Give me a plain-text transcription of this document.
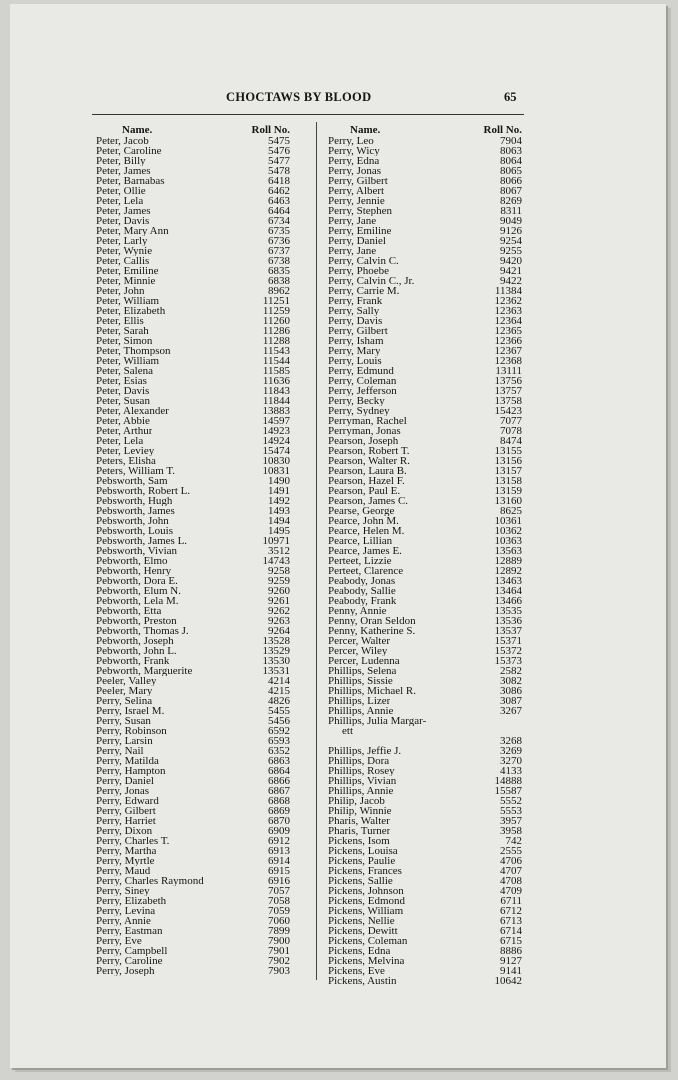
CHOCTAWS BY BLOOD	65
Name.	Roll No.
Peter, Jacob	5475
Peter, Caroline	5476
Peter, Billy	5477
Peter, James	5478
Peter, Barnabas	6418
Peter, Ollie	6462
Peter, Lela	6463
Peter, James	6464
Peter, Davis	6734
Peter, Mary Ann	6735
Peter, Larly	6736
Peter, Wynie	6737
Peter, Callis	6738
Peter, Emiline	6835
Peter, Minnie	6838
Peter, John	8962
Peter, William	11251
Peter, Elizabeth	11259
Peter, Ellis	11260
Peter, Sarah	11286
Peter, Simon	11288
Peter, Thompson	11543
Peter, William	11544
Peter, Salena	11585
Peter, Esias	11636
Peter, Davis	11843
Peter, Susan	11844
Peter, Alexander	13883
Peter, Abbie	14597
Peter, Arthur	14923
Peter, Lela	14924
Peter, Leviey	15474
Peters, Elisha	10830
Peters, William T.	10831
Pebsworth, Sam	1490
Pebsworth, Robert L.	1491
Pebsworth, Hugh	1492
Pebsworth, James	1493
Pebsworth, John	1494
Pebsworth, Louis	1495
Pebsworth, James L.	10971
Pebsworth, Vivian	3512
Pebworth, Elmo	14743
Pebworth, Henry	9258
Pebworth, Dora E.	9259
Pebworth, Elum N.	9260
Pebworth, Lela M.	9261
Pebworth, Etta	9262
Pebworth, Preston	9263
Pebworth, Thomas J.	9264
Pebworth, Joseph	13528
Pebworth, John L.	13529
Pebworth, Frank	13530
Pebworth, Marguerite	13531
Peeler, Valley	4214
Peeler, Mary	4215
Perry, Selina	4826
Perry, Israel M.	5455
Perry, Susan	5456
Perry, Robinson	6592
Perry, Larsin	6593
Perry, Nail	6352
Perry, Matilda	6863
Perry, Hampton	6864
Perry, Daniel	6866
Perry, Jonas	6867
Perry, Edward	6868
Perry, Gilbert	6869
Perry, Harriet	6870
Perry, Dixon	6909
Perry, Charles T.	6912
Perry, Martha	6913
Perry, Myrtle	6914
Perry, Maud	6915
Perry, Charles Raymond	6916
Perry, Siney	7057
Perry, Elizabeth	7058
Perry, Levina	7059
Perry, Annie	7060
Perry, Eastman	7899
Perry, Eve	7900
Perry, Campbell	7901
Perry, Caroline	7902
Perry, Joseph	7903
Name.	Roll No.
Perry, Leo	7904
Perry, Wicy	8063
Perry, Edna	8064
Perry, Jonas	8065
Perry, Gilbert	8066
Perry, Albert	8067
Perry, Jennie	8269
Perry, Stephen	8311
Perry, Jane	9049
Perry, Emiline	9126
Perry, Daniel	9254
Perry, Jane	9255
Perry, Calvin C.	9420
Perry, Phoebe	9421
Perry, Calvin C., Jr.	9422
Perry, Carrie M.	11384
Perry, Frank	12362
Perry, Sally	12363
Perry, Davis	12364
Perry, Gilbert	12365
Perry, Isham	12366
Perry, Mary	12367
Perry, Louis	12368
Perry, Edmund	13111
Perry, Coleman	13756
Perry, Jefferson	13757
Perry, Becky	13758
Perry, Sydney	15423
Perryman, Rachel	7077
Perryman, Jonas	7078
Pearson, Joseph	8474
Pearson, Robert T.	13155
Pearson, Walter R.	13156
Pearson, Laura B.	13157
Pearson, Hazel F.	13158
Pearson, Paul E.	13159
Pearson, James C.	13160
Pearse, George	8625
Pearce, John M.	10361
Pearce, Helen M.	10362
Pearce, Lillian	10363
Pearce, James E.	13563
Perteet, Lizzie	12889
Perteet, Clarence	12892
Peabody, Jonas	13463
Peabody, Sallie	13464
Peabody, Frank	13466
Penny, Annie	13535
Penny, Oran Seldon	13536
Penny, Katherine S.	13537
Percer, Walter	15371
Percer, Wiley	15372
Percer, Ludenna	15373
Phillips, Selena	2582
Phillips, Sissie	3082
Phillips, Michael R.	3086
Phillips, Lizer	3087
Phillips, Annie	3267
Phillips, Julia Margar-
ett
3268
Phillips, Jeffie J.	3269
Phillips, Dora	3270
Phillips, Rosey	4133
Phillips, Vivian	14888
Phillips, Annie	15587
Philip, Jacob	5552
Philip, Winnie	5553
Pharis, Walter	3957
Pharis, Turner	3958
Pickens, Isom	742
Pickens, Louisa	2555
Pickens, Paulie	4706
Pickens, Frances	4707
Pickens, Sallie	4708
Pickens, Johnson	4709
Pickens, Edmond	6711
Pickens, William	6712
Pickens, Nellie	6713
Pickens, Dewitt	6714
Pickens, Coleman	6715
Pickens, Edna	8886
Pickens, Melvina	9127
Pickens, Eve	9141
Pickens, Austin	10642
